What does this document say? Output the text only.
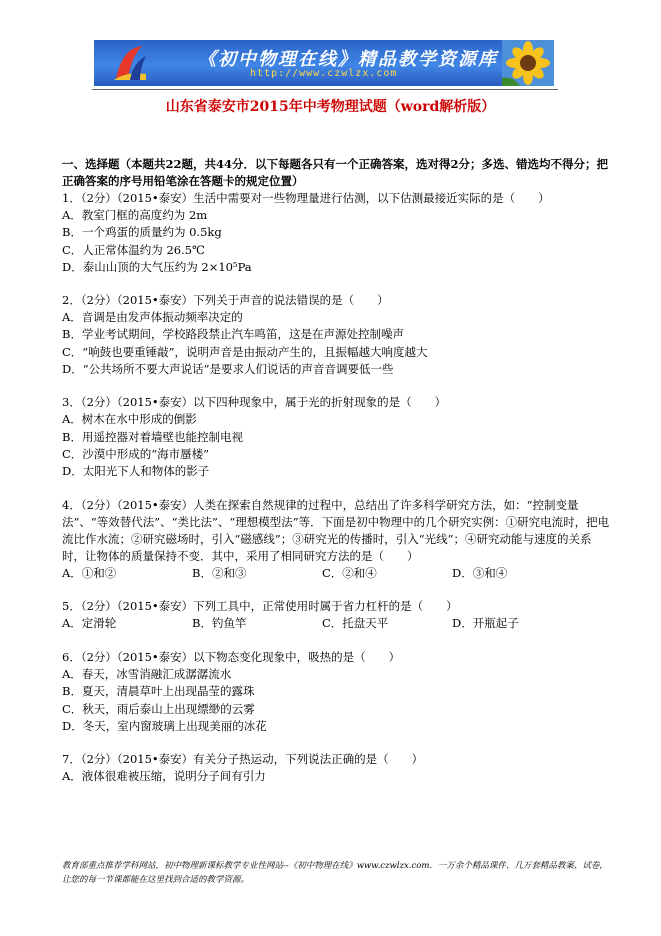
《初中物理在线》精品教学资源库
http://www.czwlzx.com
山东省泰安市2015年中考物理试题（word解析版）

一、选择题（本题共22题，共44分．以下每题各只有一个正确答案，选对得2分；多选、错选均不得分；把正确答案的序号用铅笔涂在答题卡的规定位置）

1．（2分）（2015•泰安）生活中需要对一些物理量进行估测，以下估测最接近实际的是（　　）
A．教室门框的高度约为 2m
B．一个鸡蛋的质量约为 0.5kg
C．人正常体温约为 26.5℃
D．泰山山顶的大气压约为 2×10⁵Pa
2．（2分）（2015•泰安）下列关于声音的说法错误的是（　　）
A．音调是由发声体振动频率决定的
B．学业考试期间，学校路段禁止汽车鸣笛，这是在声源处控制噪声
C．“响鼓也要重锤敲”，说明声音是由振动产生的，且振幅越大响度越大
D．“公共场所不要大声说话”是要求人们说话的声音音调要低一些
3．（2分）（2015•泰安）以下四种现象中，属于光的折射现象的是（　　）
A．树木在水中形成的倒影
B．用遥控器对着墙壁也能控制电视
C．沙漠中形成的“海市蜃楼”
D．太阳光下人和物体的影子
4．（2分）（2015•泰安）人类在探索自然规律的过程中，总结出了许多科学研究方法，如：“控制变量法”、“等效替代法”、“类比法”、“理想模型法”等．下面是初中物理中的几个研究实例：①研究电流时，把电流比作水流；②研究磁场时，引入“磁感线”；③研究光的传播时，引入“光线”；④研究动能与速度的关系时，让物体的质量保持不变．其中，采用了相同研究方法的是（　　）
A．①和②	B．②和③	C．②和④	D．③和④
5．（2分）（2015•泰安）下列工具中，正常使用时属于省力杠杆的是（　　）
A．定滑轮	B．钓鱼竿	C．托盘天平	D．开瓶起子
6．（2分）（2015•泰安）以下物态变化现象中，吸热的是（　　）
A．春天，冰雪消融汇成潺潺流水
B．夏天，清晨草叶上出现晶莹的露珠
C．秋天，雨后泰山上出现缥缈的云雾
D．冬天，室内窗玻璃上出现美丽的冰花
7．（2分）（2015•泰安）有关分子热运动，下列说法正确的是（　　）
A．液体很难被压缩，说明分子间有引力
教育部重点推荐学科网站，初中物理新课标教学专业性网站--《初中物理在线》www.czwlzx.com．一万余个精品课件、几万套精品教案、试卷，让您的每一节课都能在这里找到合适的教学资源。
